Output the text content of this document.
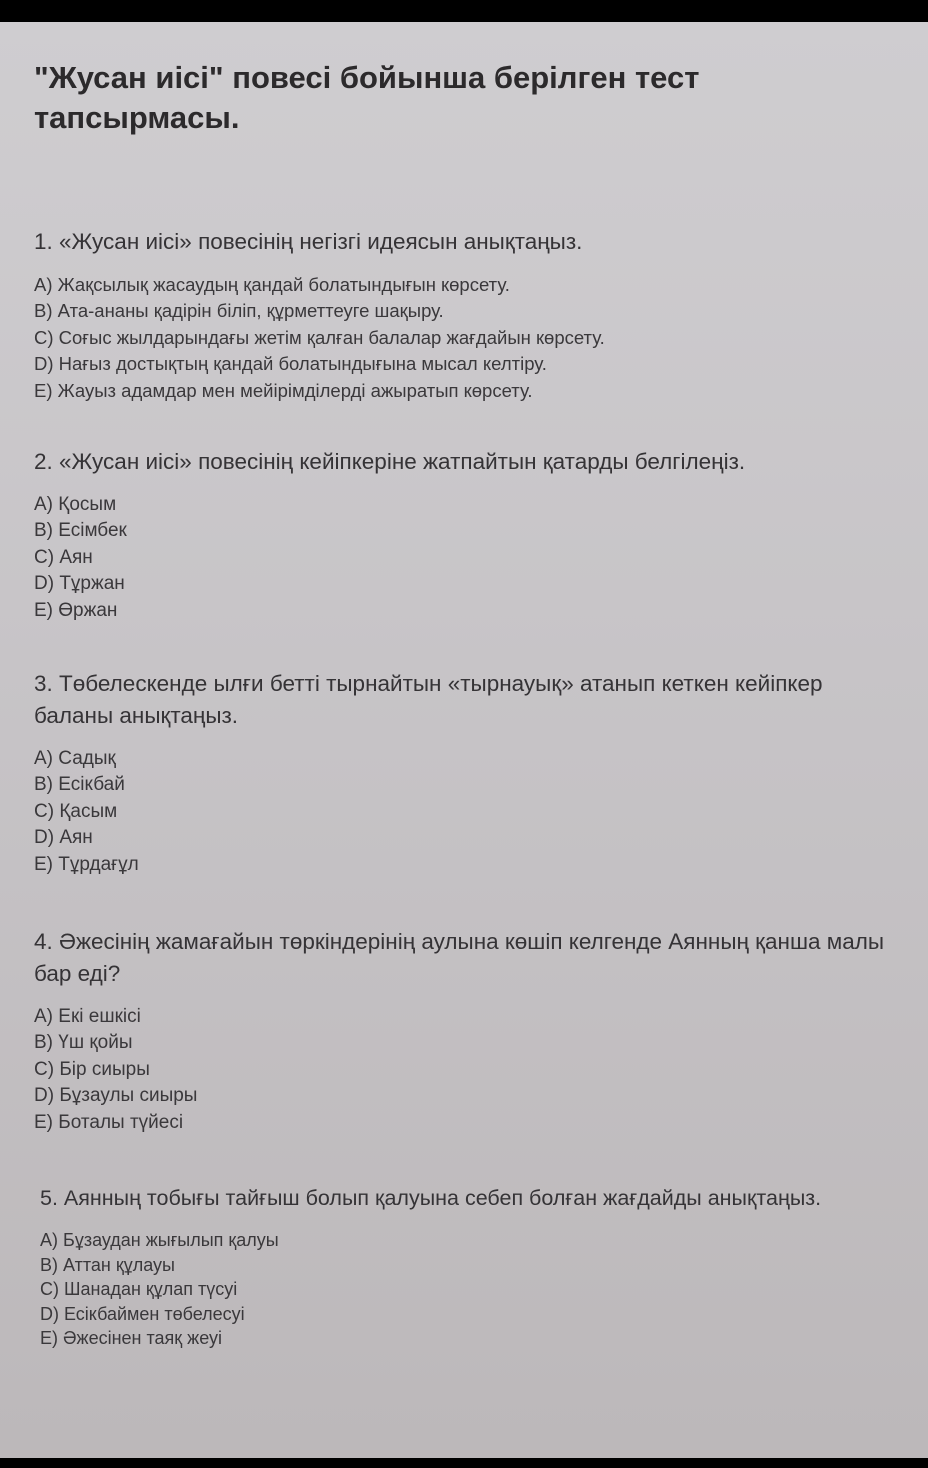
"Жусан иісі" повесі бойынша берілген тест тапсырмасы.

1. «Жусан иісі» повесінің негізгі идеясын анықтаңыз.

A) Жақсылық жасаудың қандай болатындығын көрсету.
B) Ата-ананы қадірін біліп, құрметтеуге шақыру.
C) Соғыс жылдарындағы жетім қалған балалар жағдайын көрсету.
D) Нағыз достықтың қандай болатындығына мысал келтіру.
E) Жауыз адамдар мен мейірімділерді ажыратып көрсету.

2. «Жусан иісі» повесінің кейіпкеріне жатпайтын қатарды белгілеңіз.

A) Қосым
B) Есімбек
C) Аян
D) Тұржан
E) Өржан

3. Төбелескенде ылғи бетті тырнайтын «тырнауық» атанып кеткен кейіпкер баланы анықтаңыз.

A) Садық
B) Есікбай
C) Қасым
D) Аян
E) Тұрдағұл

4. Әжесінің жамағайын төркіндерінің аулына көшіп келгенде Аянның қанша малы бар еді?

A) Екі ешкісі
B) Үш қойы
C) Бір сиыры
D) Бұзаулы сиыры
E) Боталы түйесі

5. Аянның тобығы тайғыш болып қалуына себеп болған жағдайды анықтаңыз.

A) Бұзаудан жығылып қалуы
B) Аттан құлауы
C) Шанадан құлап түсуі
D) Есікбаймен төбелесуі
E) Әжесінен таяқ жеуі
